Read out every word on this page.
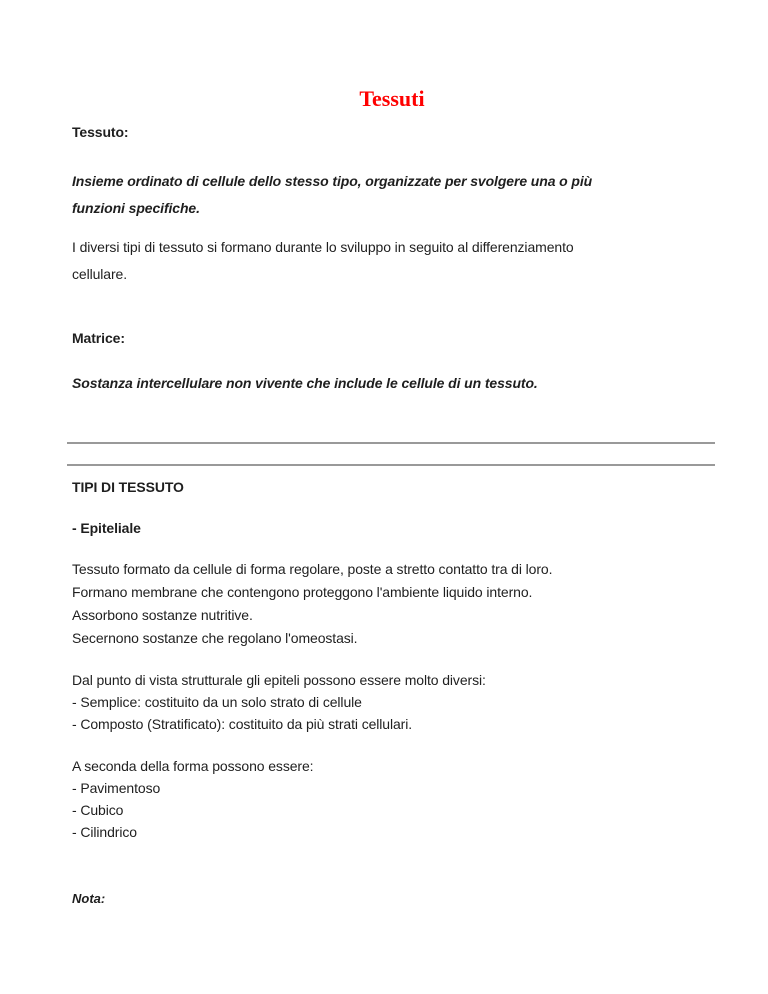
Tessuti

Tessuto:

Insieme ordinato di cellule dello stesso tipo, organizzate per svolgere una o più
funzioni specifiche.
I diversi tipi di tessuto si formano durante lo sviluppo in seguito al differenziamento
cellulare.

Matrice:

Sostanza intercellulare non vivente che include le cellule di un tessuto.

TIPI DI TESSUTO

- Epiteliale

Tessuto formato da cellule di forma regolare, poste a stretto contatto tra di loro.
Formano membrane che contengono proteggono l'ambiente liquido interno.
Assorbono sostanze nutritive.
Secernono sostanze che regolano l'omeostasi.
Dal punto di vista strutturale gli epiteli possono essere molto diversi:
- Semplice: costituito da un solo strato di cellule
- Composto (Stratificato): costituito da più strati cellulari.
A seconda della forma possono essere:
- Pavimentoso
- Cubico
- Cilindrico

Nota:
